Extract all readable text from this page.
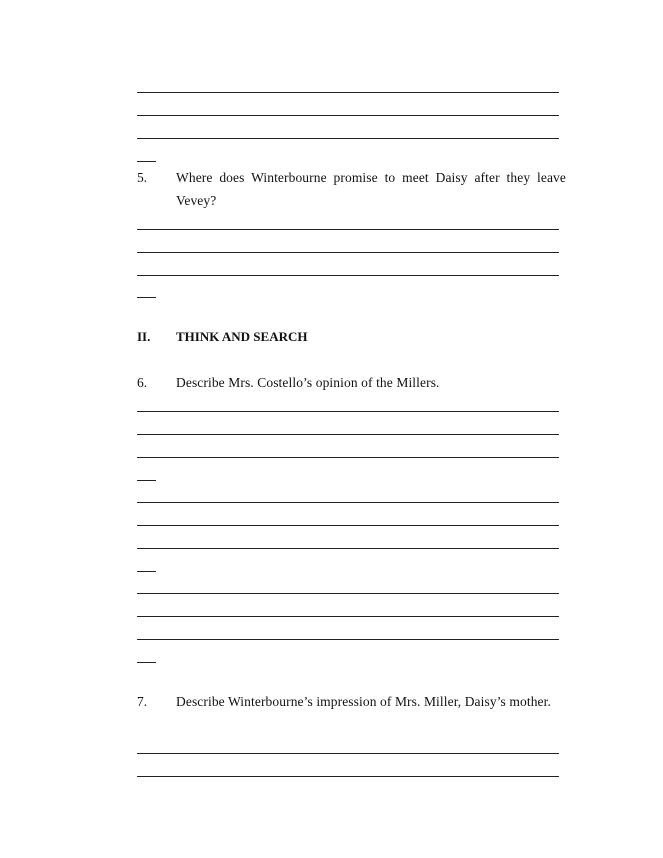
5. Where does Winterbourne promise to meet Daisy after they leave Vevey?
II. THINK AND SEARCH
6. Describe Mrs. Costello’s opinion of the Millers.
7. Describe Winterbourne’s impression of Mrs. Miller, Daisy’s mother.
